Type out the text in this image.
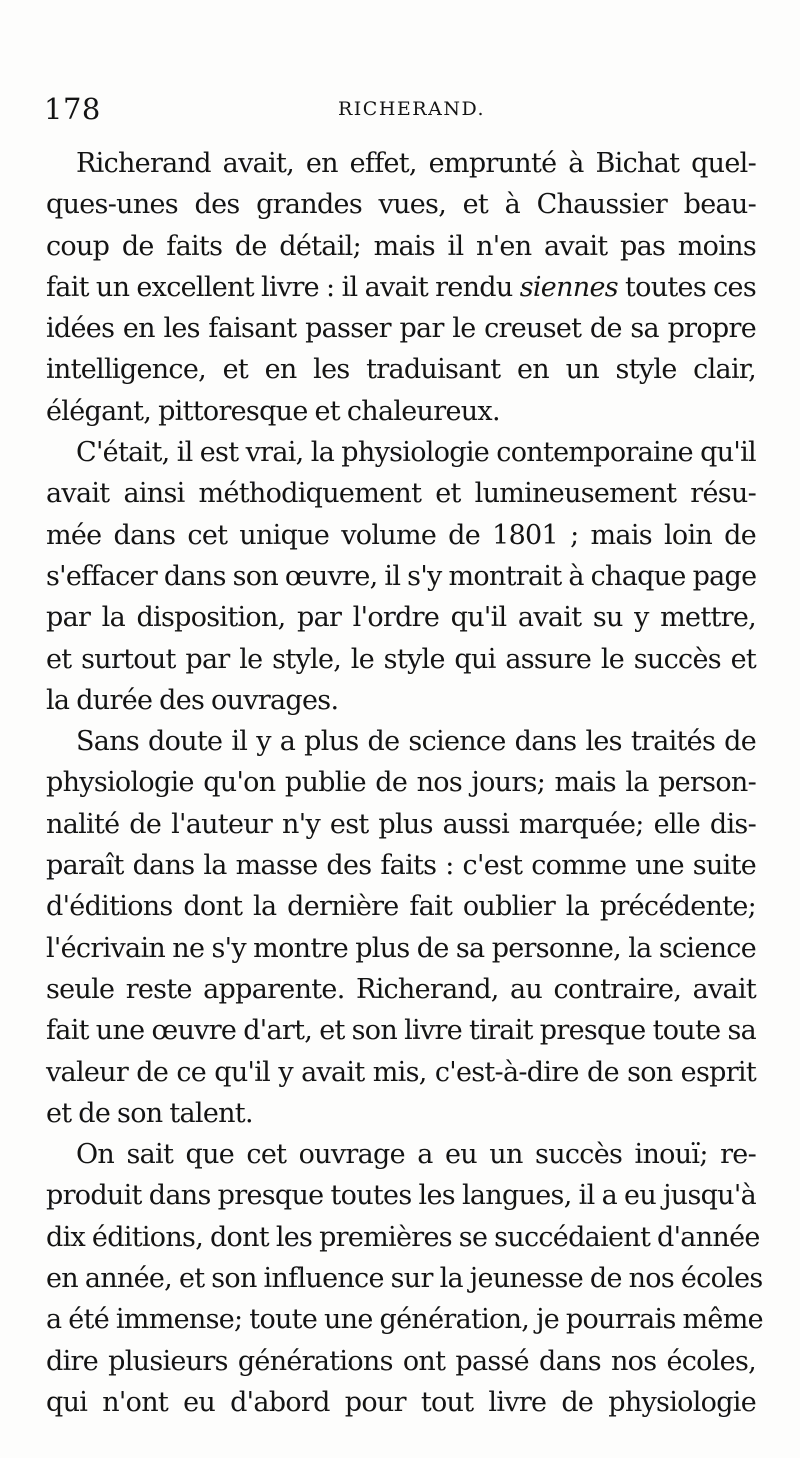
178	RICHERAND.
Richerand avait, en effet, emprunté à Bichat quel-
ques-unes des grandes vues, et à Chaussier beau-
coup de faits de détail; mais il n'en avait pas moins
fait un excellent livre : il avait rendu siennes toutes ces
idées en les faisant passer par le creuset de sa propre
intelligence, et en les traduisant en un style clair,
élégant, pittoresque et chaleureux.
C'était, il est vrai, la physiologie contemporaine qu'il
avait ainsi méthodiquement et lumineusement résu-
mée dans cet unique volume de 1801 ; mais loin de
s'effacer dans son œuvre, il s'y montrait à chaque page
par la disposition, par l'ordre qu'il avait su y mettre,
et surtout par le style, le style qui assure le succès et
la durée des ouvrages.
Sans doute il y a plus de science dans les traités de
physiologie qu'on publie de nos jours; mais la person-
nalité de l'auteur n'y est plus aussi marquée; elle dis-
paraît dans la masse des faits : c'est comme une suite
d'éditions dont la dernière fait oublier la précédente;
l'écrivain ne s'y montre plus de sa personne, la science
seule reste apparente. Richerand, au contraire, avait
fait une œuvre d'art, et son livre tirait presque toute sa
valeur de ce qu'il y avait mis, c'est-à-dire de son esprit
et de son talent.
On sait que cet ouvrage a eu un succès inouï; re-
produit dans presque toutes les langues, il a eu jusqu'à
dix éditions, dont les premières se succédaient d'année
en année, et son influence sur la jeunesse de nos écoles
a été immense; toute une génération, je pourrais même
dire plusieurs générations ont passé dans nos écoles,
qui n'ont eu d'abord pour tout livre de physiologie
